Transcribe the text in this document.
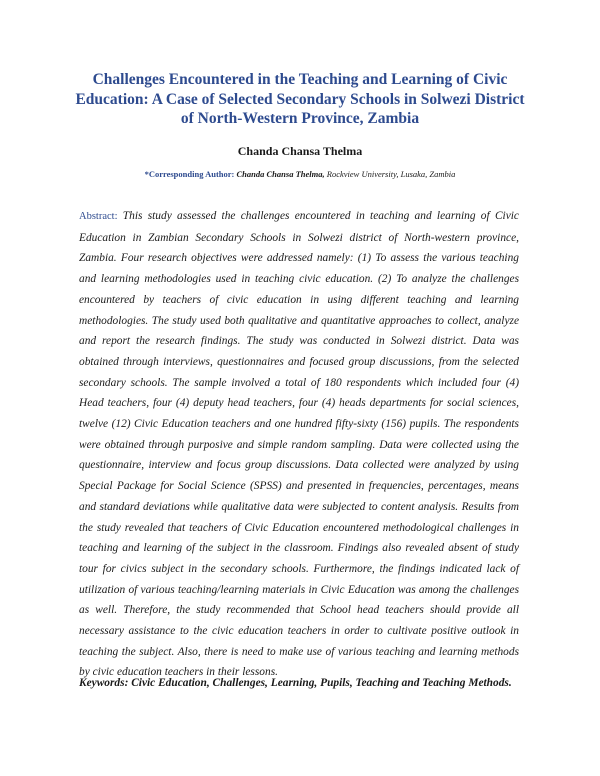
Challenges Encountered in the Teaching and Learning of Civic Education: A Case of Selected Secondary Schools in Solwezi District of North-Western Province, Zambia
Chanda Chansa Thelma
*Corresponding Author: Chanda Chansa Thelma, Rockview University, Lusaka, Zambia

Abstract: This study assessed the challenges encountered in teaching and learning of Civic Education in Zambian Secondary Schools in Solwezi district of North-western province, Zambia. Four research objectives were addressed namely: (1) To assess the various teaching and learning methodologies used in teaching civic education. (2) To analyze the challenges encountered by teachers of civic education in using different teaching and learning methodologies. The study used both qualitative and quantitative approaches to collect, analyze and report the research findings. The study was conducted in Solwezi district. Data was obtained through interviews, questionnaires and focused group discussions, from the selected secondary schools. The sample involved a total of 180 respondents which included four (4) Head teachers, four (4) deputy head teachers, four (4) heads departments for social sciences, twelve (12) Civic Education teachers and one hundred fifty-sixty (156) pupils. The respondents were obtained through purposive and simple random sampling. Data were collected using the questionnaire, interview and focus group discussions. Data collected were analyzed by using Special Package for Social Science (SPSS) and presented in frequencies, percentages, means and standard deviations while qualitative data were subjected to content analysis. Results from the study revealed that teachers of Civic Education encountered methodological challenges in teaching and learning of the subject in the classroom. Findings also revealed absent of study tour for civics subject in the secondary schools. Furthermore, the findings indicated lack of utilization of various teaching/learning materials in Civic Education was among the challenges as well. Therefore, the study recommended that School head teachers should provide all necessary assistance to the civic education teachers in order to cultivate positive outlook in teaching the subject. Also, there is need to make use of various teaching and learning methods by civic education teachers in their lessons.

Keywords: Civic Education, Challenges, Learning, Pupils, Teaching and Teaching Methods.
